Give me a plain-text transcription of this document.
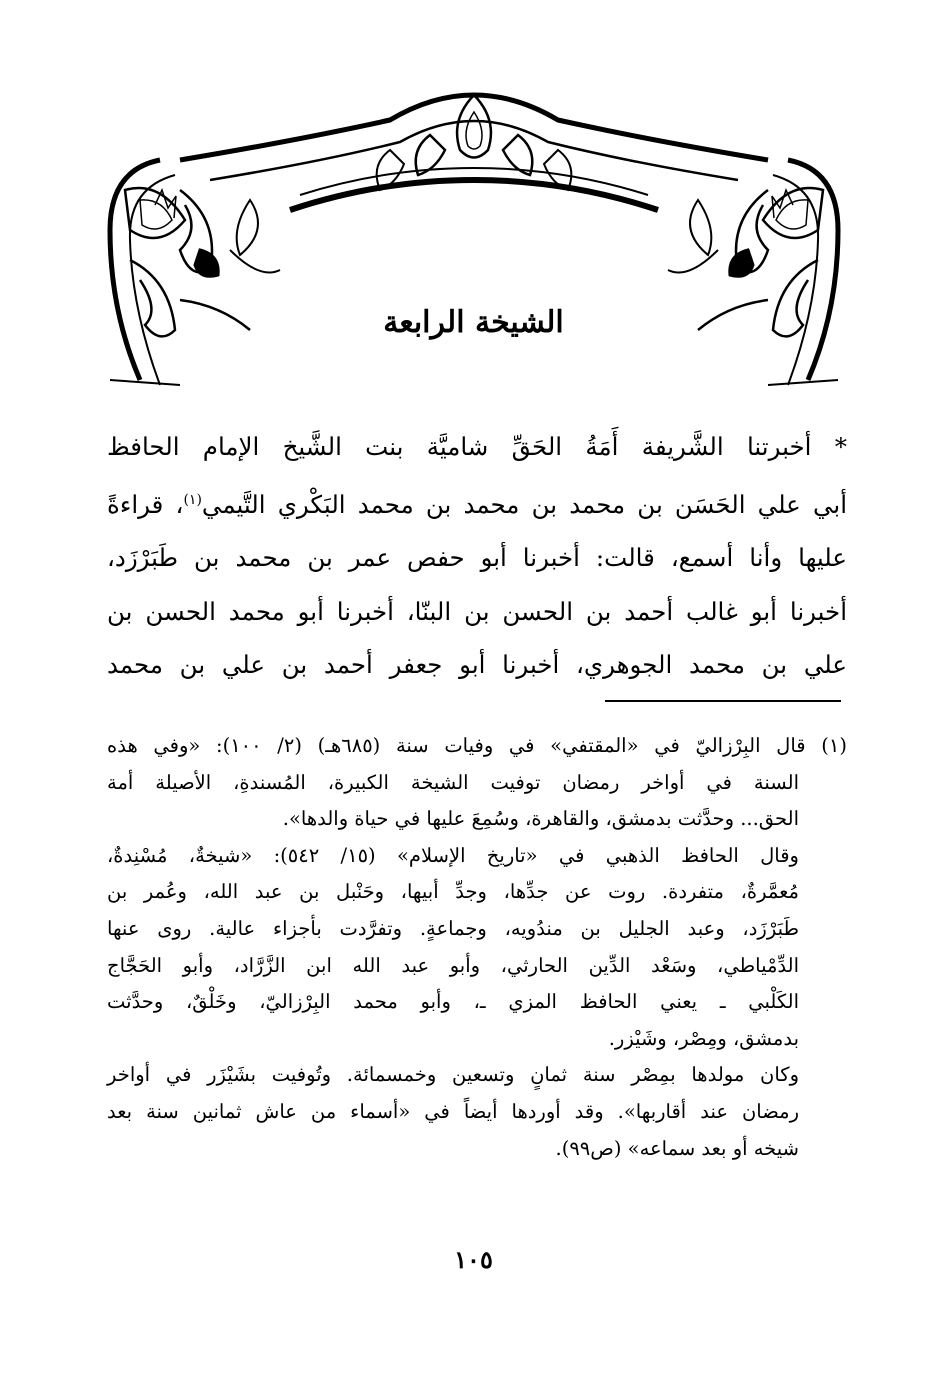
الشيخة الرابعة
* أخبرتنا الشَّريفة أَمَةُ الحَقِّ شاميَّة بنت الشَّيخ الإمام الحافظ
أبي علي الحَسَن بن محمد بن محمد بن محمد البَكْري التَّيمي$^{(١)}$، قراءةً
عليها وأنا أسمع، قالت: أخبرنا أبو حفص عمر بن محمد بن طَبَرْزَد،
أخبرنا أبو غالب أحمد بن الحسن بن البنّا، أخبرنا أبو محمد الحسن بن
علي بن محمد الجوهري، أخبرنا أبو جعفر أحمد بن علي بن محمد
(١) قال البِرْزاليّ في «المقتفي» في وفيات سنة (٦٨٥هـ) (٢/ ١٠٠): «وفي هذه
السنة في أواخر رمضان توفيت الشيخة الكبيرة، المُسندةِ، الأصيلة أمة
الحق... وحدَّثت بدمشق، والقاهرة، وسُمِعَ عليها في حياة والدها».
وقال الحافظ الذهبي في «تاريخ الإسلام» (١٥/ ٥٤٢): «شيخةٌ، مُسْنِدةٌ،
مُعمَّرةٌ، متفردة. روت عن جدِّها، وجدِّ أبيها، وحَنْبل بن عبد الله، وعُمر بن
طَبَرْزَد، وعبد الجليل بن مندُويه، وجماعةٍ. وتفرَّدت بأجزاء عالية. روى عنها
الدِّمْياطي، وسَعْد الدِّين الحارثي، وأبو عبد الله ابن الزَّرَّاد، وأبو الحَجَّاج
الكَلْبي ـ يعني الحافظ المزي ـ، وأبو محمد البِرْزاليّ، وخَلْقٌ، وحدَّثت
بدمشق، ومِصْر، وشَيْزر.
وكان مولدها بمِصْر سنة ثمانٍ وتسعين وخمسمائة. وتُوفيت بشَيْزَر في أواخر
رمضان عند أقاربها». وقد أوردها أيضاً في «أسماء من عاش ثمانين سنة بعد
شيخه أو بعد سماعه» (ص٩٩).
١٠٥
